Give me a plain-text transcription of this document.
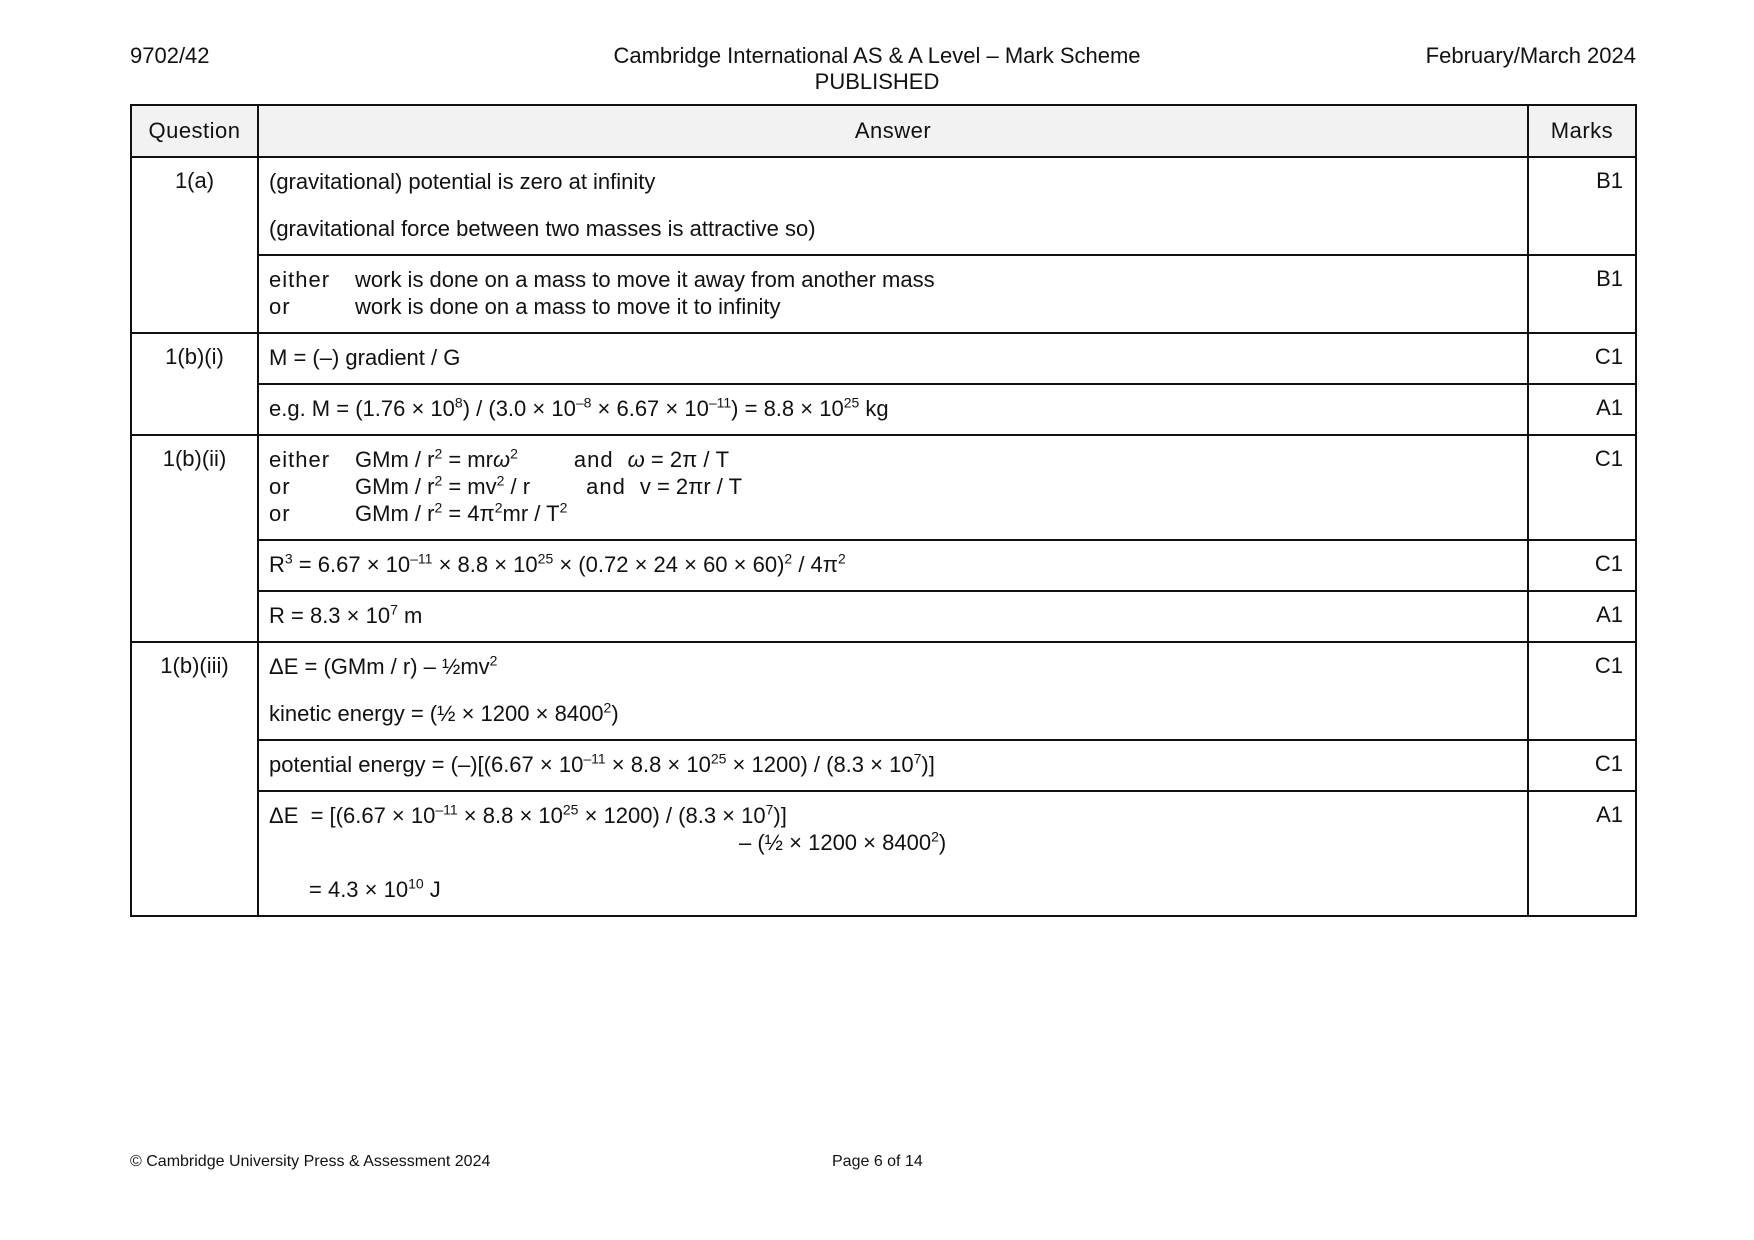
9702/42	Cambridge International AS & A Level – Mark Scheme
PUBLISHED
February/March 2024
Question	Answer	Marks
1(a)	(gravitational) potential is zero at infinity
(gravitational force between two masses is attractive so)	B1

	either work is done on a mass to move it away from another mass
or work is done on a mass to move it to infinity	B1
1(b)(i)	M = (–) gradient / G	C1
	e.g. $M = (1.76 \times 10^8) / (3.0 \times 10^{-8} \times 6.67 \times 10^{-11}) = 8.8 \times 10^{25}$ kg	A1
1(b)(ii)	either GMm / $r^2 = mr\omega^2$ and ω = 2π / T
or GMm / $r^2 = mv^2 / r$ and v = 2πr / T
or GMm / $r^2 = 4\pi^2mr / T^2$	C1
	$R^3 = 6.67 \times 10^{-11} \times 8.8 \times 10^{25} \times (0.72 \times 24 \times 60 \times 60)^2 / 4\pi^2$	C1
	$R = 8.3 \times 10^7$ m	A1
1(b)(iii)	$\Delta E = (GMm / r) - \frac{1}{2}mv^2$
kinetic energy = (½ × $1200 \times 8400^2$)	C1
	potential energy = $(-)[(6.67 \times 10^{-11} \times 8.8 \times 10^{25} \times 1200) / (8.3 \times 10^7)]$	C1

	$\Delta E = [(6.67 \times 10^{-11} \times 8.8 \times 10^{25} \times 1200) / (8.3 \times 10^7)]$
– (½ × $1200 \times 8400^2$)
= $4.3 \times 10^{10}$ J	A1
© Cambridge University Press & Assessment 2024	Page 6 of 14
